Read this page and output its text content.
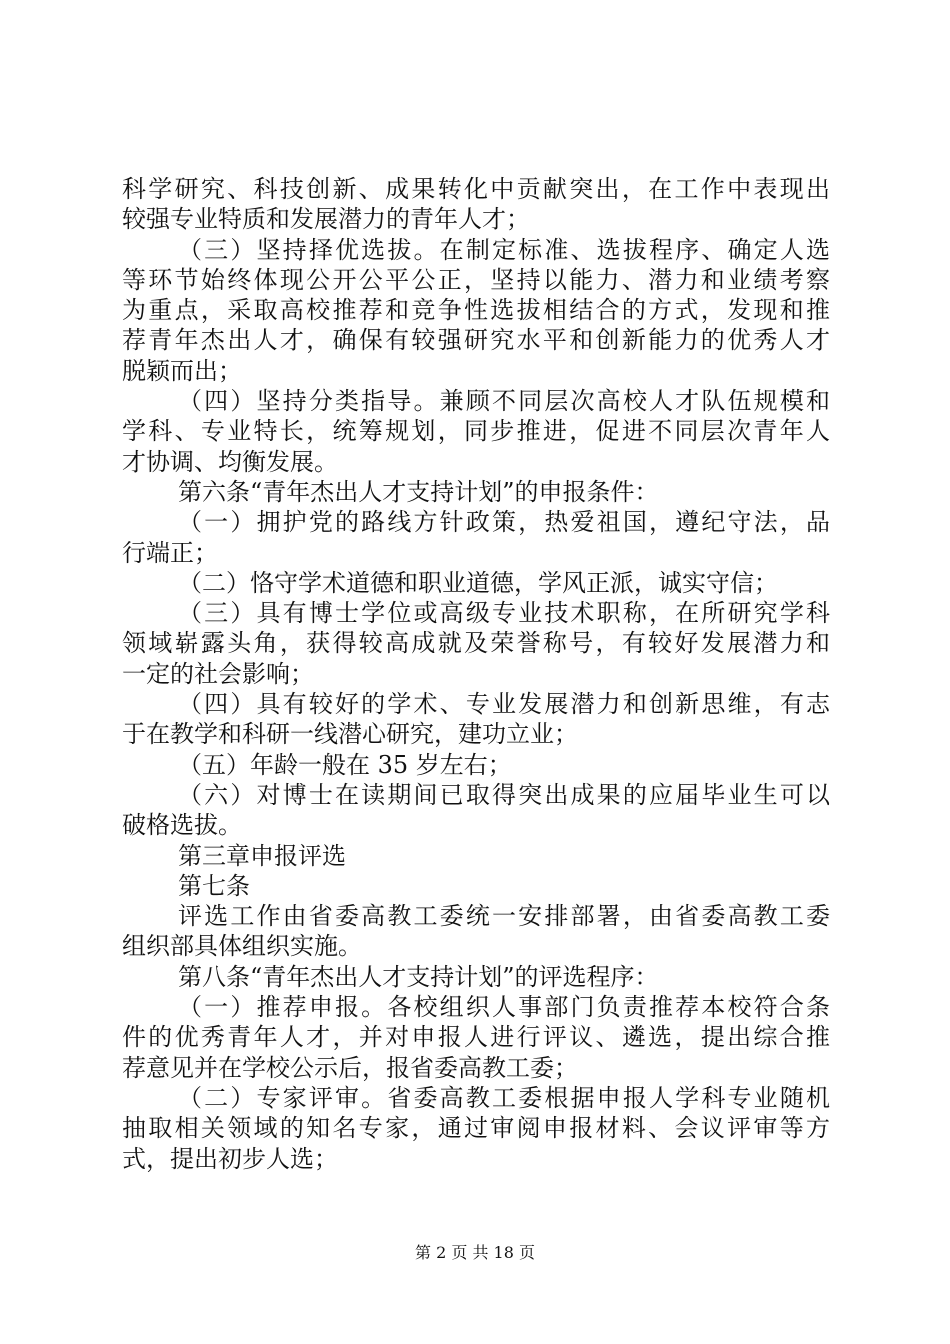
科学研究、科技创新、成果转化中贡献突出，在工作中表现出
较强专业特质和发展潜力的青年人才；
（三）坚持择优选拔。在制定标准、选拔程序、确定人选
等环节始终体现公开公平公正，坚持以能力、潜力和业绩考察
为重点，采取高校推荐和竞争性选拔相结合的方式，发现和推
荐青年杰出人才，确保有较强研究水平和创新能力的优秀人才
脱颖而出；
（四）坚持分类指导。兼顾不同层次高校人才队伍规模和
学科、专业特长，统筹规划，同步推进，促进不同层次青年人
才协调、均衡发展。
第六条“青年杰出人才支持计划”的申报条件：
（一）拥护党的路线方针政策，热爱祖国，遵纪守法，品
行端正；
（二）恪守学术道德和职业道德，学风正派，诚实守信；
（三）具有博士学位或高级专业技术职称，在所研究学科
领域崭露头角，获得较高成就及荣誉称号，有较好发展潜力和
一定的社会影响；
（四）具有较好的学术、专业发展潜力和创新思维，有志
于在教学和科研一线潜心研究，建功立业；
（五）年龄一般在 35 岁左右；
（六）对博士在读期间已取得突出成果的应届毕业生可以
破格选拔。
第三章申报评选
第七条
评选工作由省委高教工委统一安排部署，由省委高教工委
组织部具体组织实施。
第八条“青年杰出人才支持计划”的评选程序：
（一）推荐申报。各校组织人事部门负责推荐本校符合条
件的优秀青年人才，并对申报人进行评议、遴选，提出综合推
荐意见并在学校公示后，报省委高教工委；
（二）专家评审。省委高教工委根据申报人学科专业随机
抽取相关领域的知名专家，通过审阅申报材料、会议评审等方
式，提出初步人选；
第 2 页 共 18 页
